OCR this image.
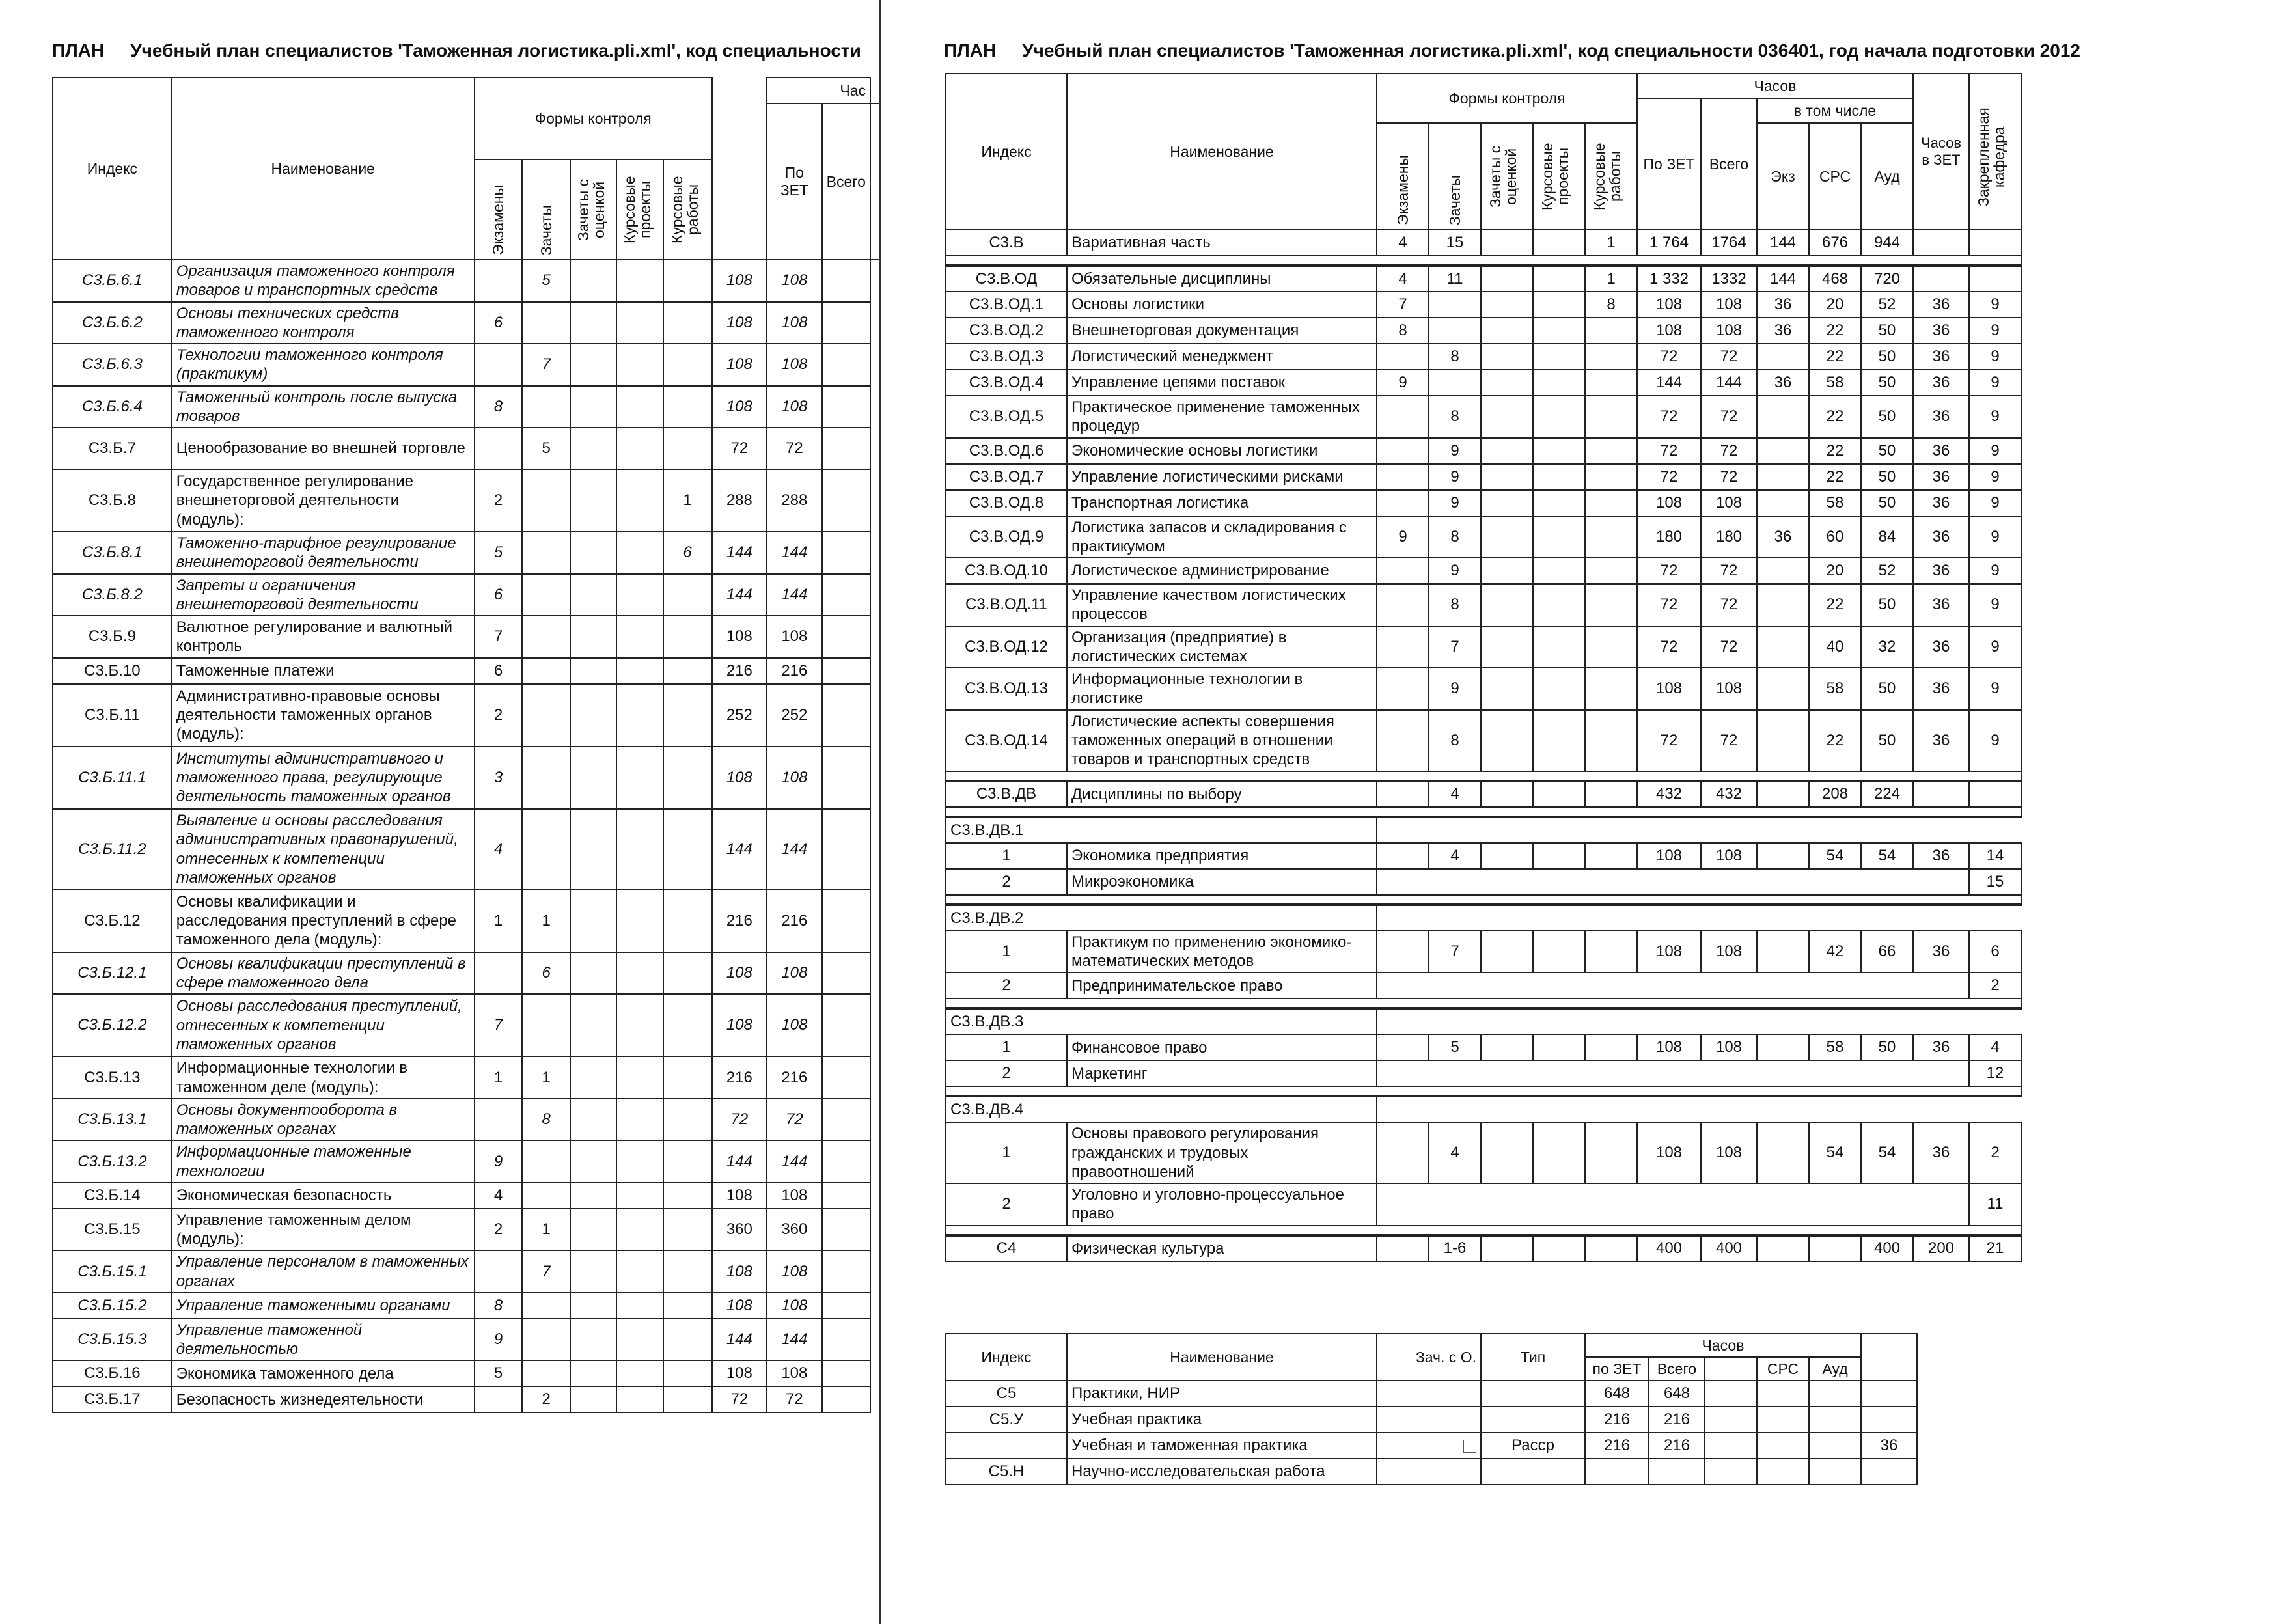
ПЛАН Учебный план специалистов 'Таможенная логистика.pli.xml', код специальности
Индекс	Наименование	Формы контроля						Час		
								По ЗЕТ	Всего	

		Экзамены	Зачеты	Зачеты с оценкой	Курсовые проекты	Курсовые работы				

С3.Б.6.1	Организация таможенного контроля товаров и транспортных средств		5				108	108		
С3.Б.6.2	Основы технических средств таможенного контроля	6					108	108		
С3.Б.6.3	Технологии таможенного контроля (практикум)		7				108	108		
С3.Б.6.4	Таможенный контроль после выпуска товаров	8					108	108		
С3.Б.7	Ценообразование во внешней торговле		5				72	72		
С3.Б.8	Государственное регулирование внешнеторговой деятельности (модуль):	2				1	288	288		
С3.Б.8.1	Таможенно-тарифное регулирование внешнеторговой деятельности	5				6	144	144		
С3.Б.8.2	Запреты и ограничения внешнеторговой деятельности	6					144	144		
С3.Б.9	Валютное регулирование и валютный контроль	7					108	108		
С3.Б.10	Таможенные платежи	6					216	216		
С3.Б.11	Административно-правовые основы деятельности таможенных органов (модуль):	2					252	252		
С3.Б.11.1	Институты административного и таможенного права, регулирующие деятельность таможенных органов	3					108	108		
С3.Б.11.2	Выявление и основы расследования административных правонарушений, отнесенных к компетенции таможенных органов	4					144	144		
С3.Б.12	Основы квалификации и расследования преступлений в сфере таможенного дела (модуль):	1	1				216	216		
С3.Б.12.1	Основы квалификации преступлений в сфере таможенного дела		6				108	108		
С3.Б.12.2	Основы расследования преступлений, отнесенных к компетенции таможенных органов	7					108	108		
С3.Б.13	Информационные технологии в таможенном деле (модуль):	1	1				216	216		
С3.Б.13.1	Основы документооборота в таможенных органах		8				72	72		
С3.Б.13.2	Информационные таможенные технологии	9					144	144		
С3.Б.14	Экономическая безопасность	4					108	108		
С3.Б.15	Управление таможенным делом (модуль):	2	1				360	360		
С3.Б.15.1	Управление персоналом в таможенных органах		7				108	108		
С3.Б.15.2	Управление таможенными органами	8					108	108		
С3.Б.15.3	Управление таможенной деятельностью	9					144	144		
С3.Б.16	Экономика таможенного дела	5					108	108		
С3.Б.17	Безопасность жизнедеятельности		2				72	72		
ПЛАН Учебный план специалистов 'Таможенная логистика.pli.xml', код специальности 036401, год начала подготовки 2012
Индекс	Наименование	Формы контроля					Часов					Часов в ЗЕТ	Закрепленная кафедра

							По ЗЕТ	Всего	в том числе				

		Экзамены	Зачеты	Зачеты с оценкой	Курсовые проекты	Курсовые работы			Экз	СРС	Ауд		
С3.В	Вариативная часть	4	15			1	1 764	1764	144	676	944		

С3.В.ОД	Обязательные дисциплины	4	11			1	1 332	1332	144	468	720		
С3.В.ОД.1	Основы логистики	7				8	108	108	36	20	52	36	9
С3.В.ОД.2	Внешнеторговая документация	8					108	108	36	22	50	36	9
С3.В.ОД.3	Логистический менеджмент		8				72	72		22	50	36	9
С3.В.ОД.4	Управление цепями поставок	9					144	144	36	58	50	36	9
С3.В.ОД.5	Практическое применение таможенных процедур		8				72	72		22	50	36	9
С3.В.ОД.6	Экономические основы логистики		9				72	72		22	50	36	9
С3.В.ОД.7	Управление логистическими рисками		9				72	72		22	50	36	9
С3.В.ОД.8	Транспортная логистика		9				108	108		58	50	36	9
С3.В.ОД.9	Логистика запасов и складирования с практикумом	9	8				180	180	36	60	84	36	9
С3.В.ОД.10	Логистическое администрирование		9				72	72		20	52	36	9
С3.В.ОД.11	Управление качеством логистических процессов		8				72	72		22	50	36	9
С3.В.ОД.12	Организация (предприятие) в логистических системах		7				72	72		40	32	36	9
С3.В.ОД.13	Информационные технологии в логистике		9				108	108		58	50	36	9
С3.В.ОД.14	Логистические аспекты совершения таможенных операций в отношении товаров и транспортных средств		8				72	72		22	50	36	9

С3.В.ДВ	Дисциплины по выбору		4				432	432		208	224		

С3.В.ДВ.1													
1	Экономика предприятия		4				108	108		54	54	36	14
2	Микроэкономика												15

С3.В.ДВ.2													
1	Практикум по применению экономико-математических методов		7				108	108		42	66	36	6
2	Предпринимательское право												2

С3.В.ДВ.3													
1	Финансовое право		5				108	108		58	50	36	4
2	Маркетинг												12

С3.В.ДВ.4													
1	Основы правового регулирования гражданских и трудовых правоотношений		4				108	108		54	54	36	2
2	Уголовно и уголовно-процессуальное право												11

С4	Физическая культура		1-6				400	400			400	200	21
Индекс	Наименование	Зач. с О.	Тип	Часов					
				по ЗЕТ	Всего		СРС	Ауд	
С5	Практики, НИР			648	648				
С5.У	Учебная практика			216	216				
	Учебная и таможенная практика		Расср	216	216				36
С5.Н	Научно-исследовательская работа								
